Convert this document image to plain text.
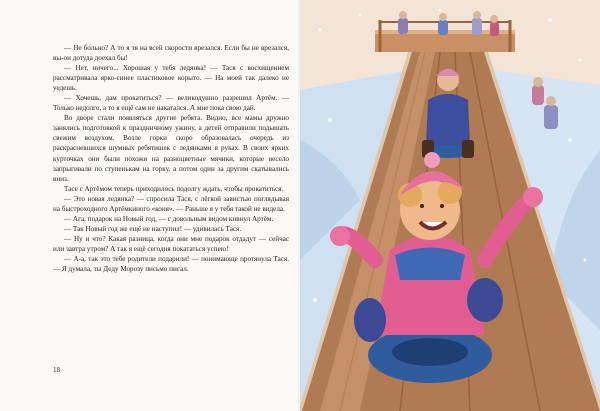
— Не больно? А то я тя на всей скорости врезался. Если бы не врезался, вы-он дотуда доехал бы!

— Нет, ничего... Хорошая у тебя ледянка! — Тася с восхищением рассматривала ярко-синее пластиковое корыто. — На моей так далеко не уедешь.

— Хочешь, дам прокатиться? — великодушно разрешил Артём. — Только недолго, а то я ещё сам не накатался. А мне пока свою дай.

Во дворе стали появляться другие ребята. Видно, все мамы дружно занялись подготовкой к праздничному ужину, а детей отправили подышать свежим воздухом. Возле горки скоро образовалась очередь из раскрасневшихся шумных ребятишек с ледянками в руках. В своих ярких курточках они были похожи на разноцветные мячики, которые весело запрыгивали по ступенькам на горку, а потом один за другим скатывались вниз.

Тасе с Артёмом теперь приходилось подолгу ждать, чтобы прокатиться.

— Это новая ледянка? — спросила Тася, с лёгкой завистью поглядывая на быстроходного Артёмкиного «коня». — Раньше я у тебя такой не видела.

— Ага, подарок на Новый год, — с довольным видом кивнул Артём.

— Так Новый год же ещё не наступил! — удивилась Тася.

— Ну и что? Какая разница, когда они мне подарок отдадут — сейчас или завтра утром? А так я ещё сегодня покататься успею!

— А-а, так это тебе родители подарили! — понимающе протянула Тася. — Я думала, ты Деду Морозу письмо писал.

18
